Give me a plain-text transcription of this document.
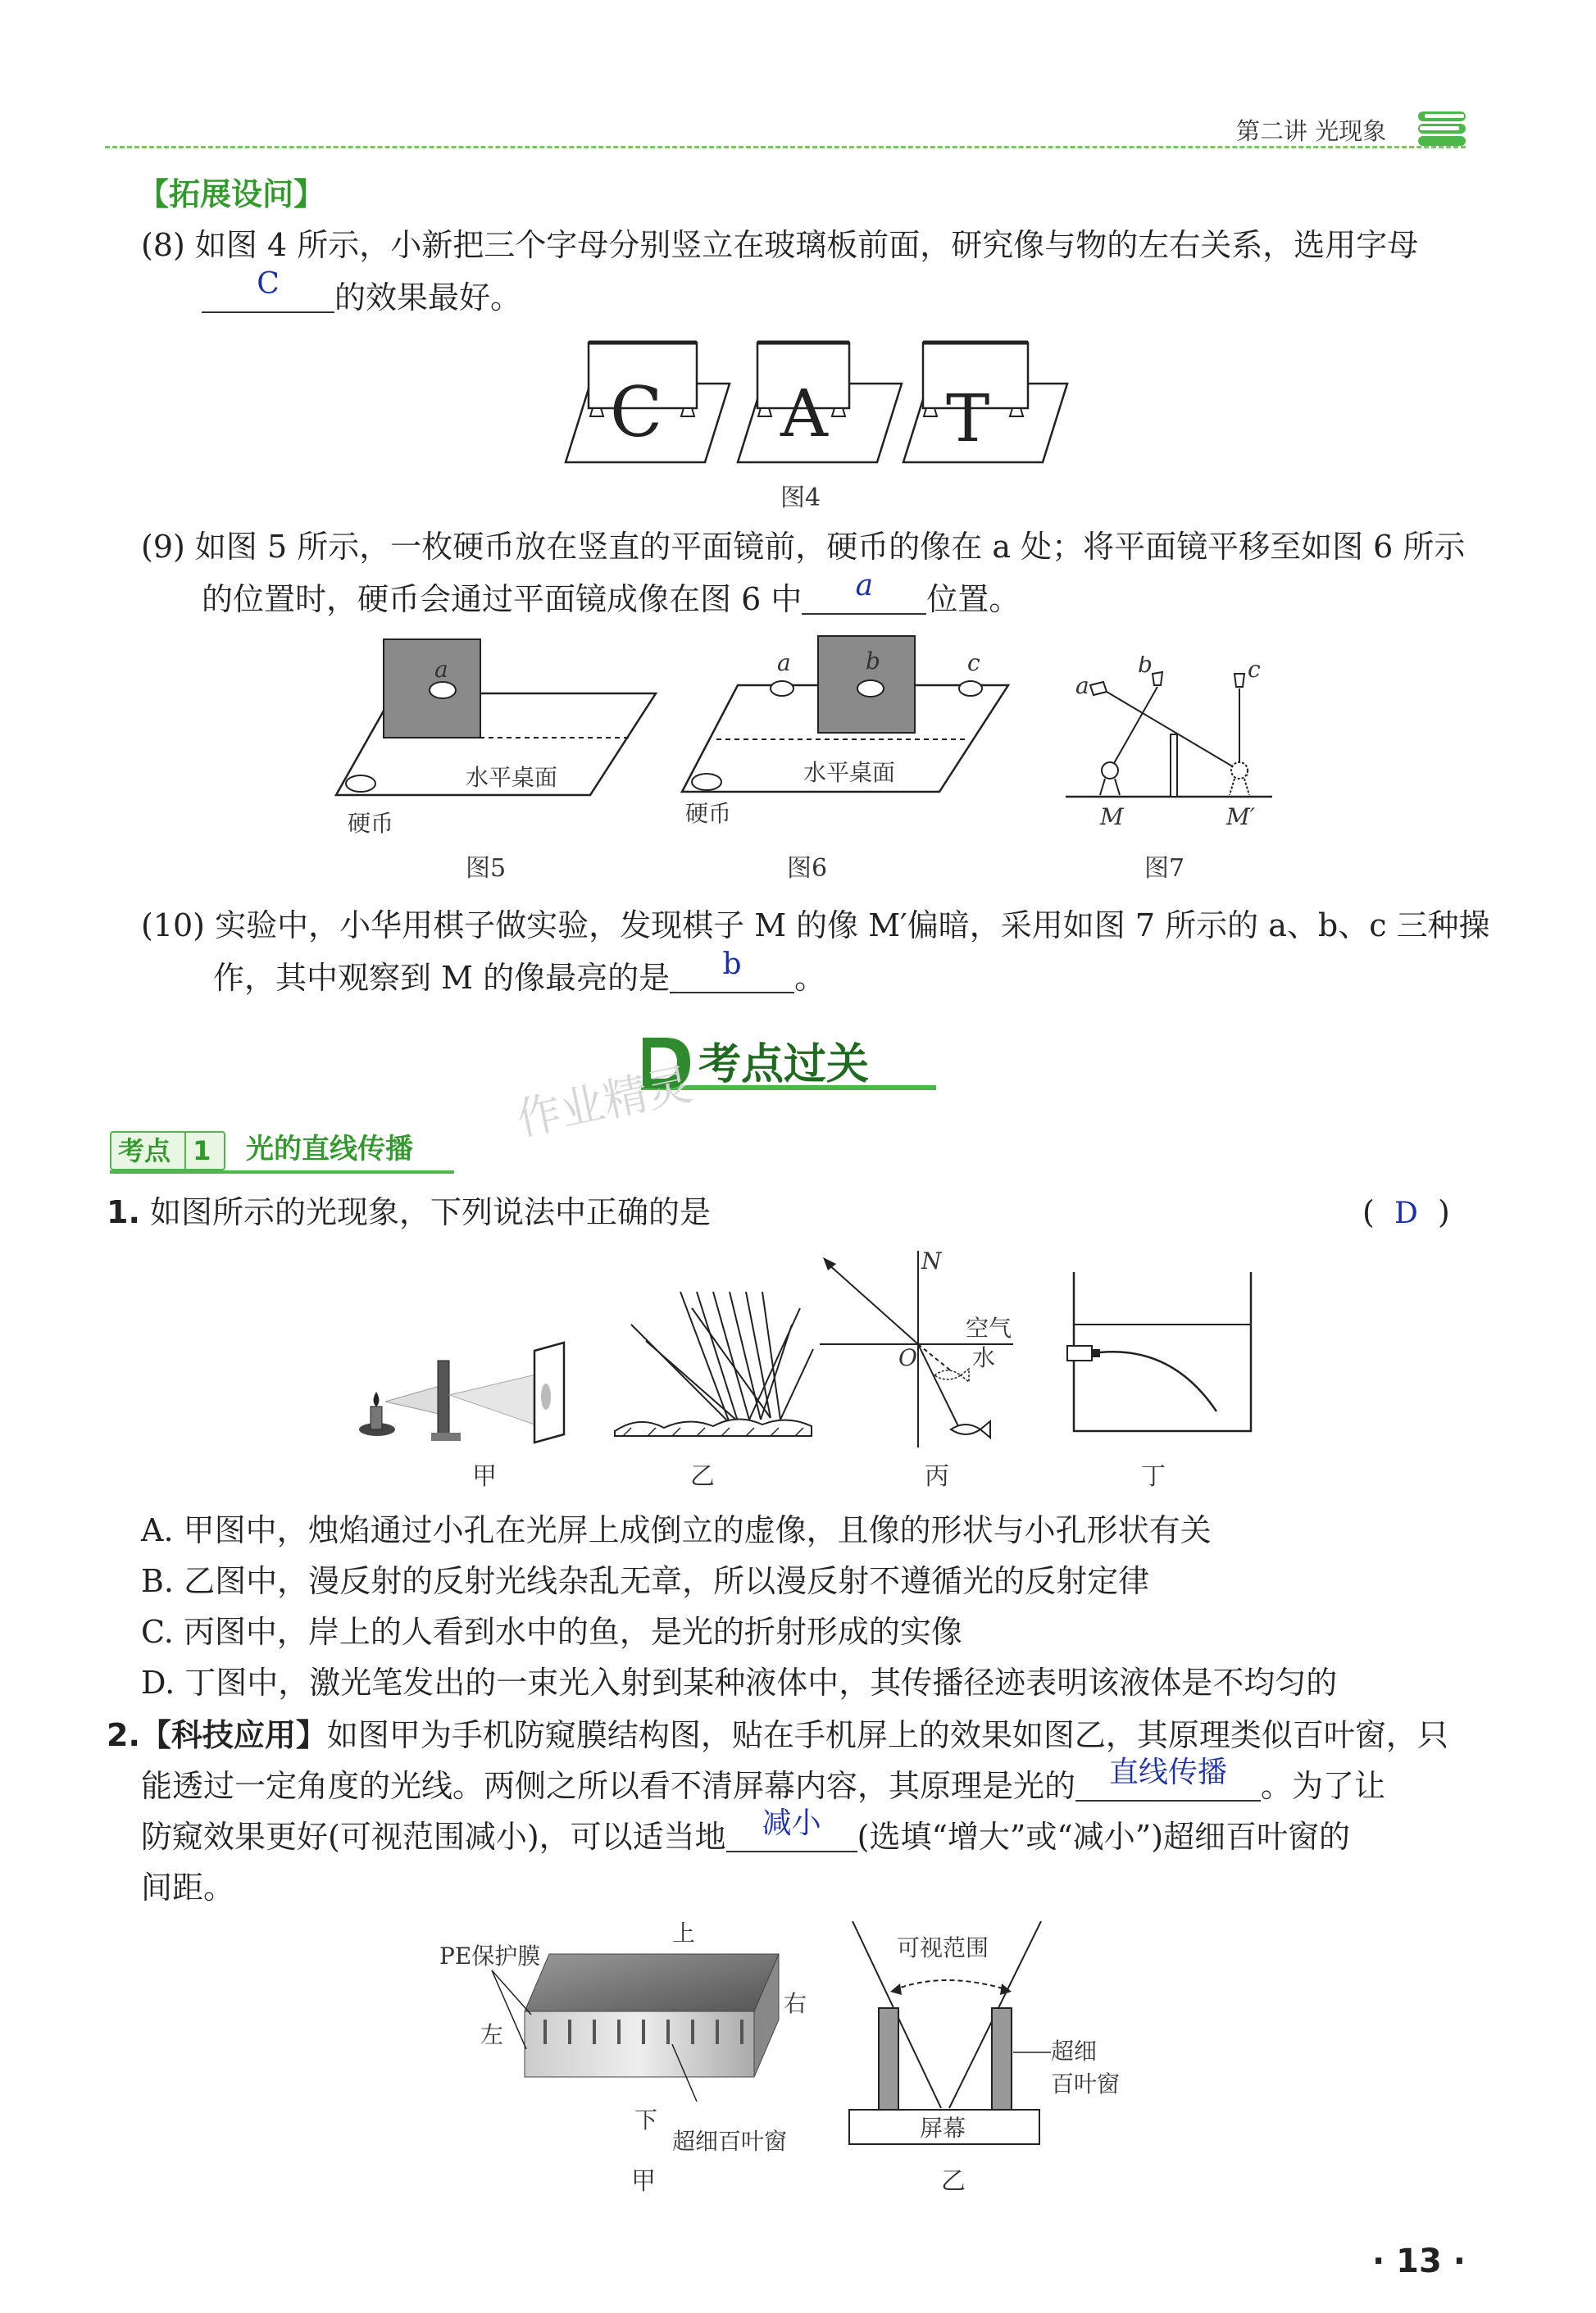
第二讲 光现象
【拓展设问】
(8) 如图 4 所示，小新把三个字母分别竖立在玻璃板前面，研究像与物的左右关系，选用字母
C 的效果最好。
C A T
图4
(9) 如图 5 所示，一枚硬币放在竖直的平面镜前，硬币的像在 a 处；将平面镜平移至如图 6 所示
的位置时，硬币会通过平面镜成像在图 6 中 a 位置。
a
水平桌面
硬币
图5
a	b	c
水平桌面
硬币
图6
a
b	c
M	M′
图7
(10) 实验中，小华用棋子做实验，发现棋子 M 的像 M′偏暗，采用如图 7 所示的 a、b、c 三种操
作，其中观察到 M 的像最亮的是 b 。
考点过关
作业精灵
考点 1	光的直线传播
1. 如图所示的光现象，下列说法中正确的是	(  D  )
N
空气
水
O
甲	乙	丙	丁
A. 甲图中，烛焰通过小孔在光屏上成倒立的虚像，且像的形状与小孔形状有关
B. 乙图中，漫反射的反射光线杂乱无章，所以漫反射不遵循光的反射定律
C. 丙图中，岸上的人看到水中的鱼，是光的折射形成的实像
D. 丁图中，激光笔发出的一束光入射到某种液体中，其传播径迹表明该液体是不均匀的
2.【科技应用】如图甲为手机防窥膜结构图，贴在手机屏上的效果如图乙，其原理类似百叶窗，只
能透过一定角度的光线。两侧之所以看不清屏幕内容，其原理是光的 直线传播 。为了让
防窥效果更好(可视范围减小)，可以适当地 减小 (选填“增大”或“减小”)超细百叶窗的
间距。
上
PE保护膜
左
右
下
超细百叶窗
甲
可视范围
超细
百叶窗
屏幕
乙
· 13 ·
